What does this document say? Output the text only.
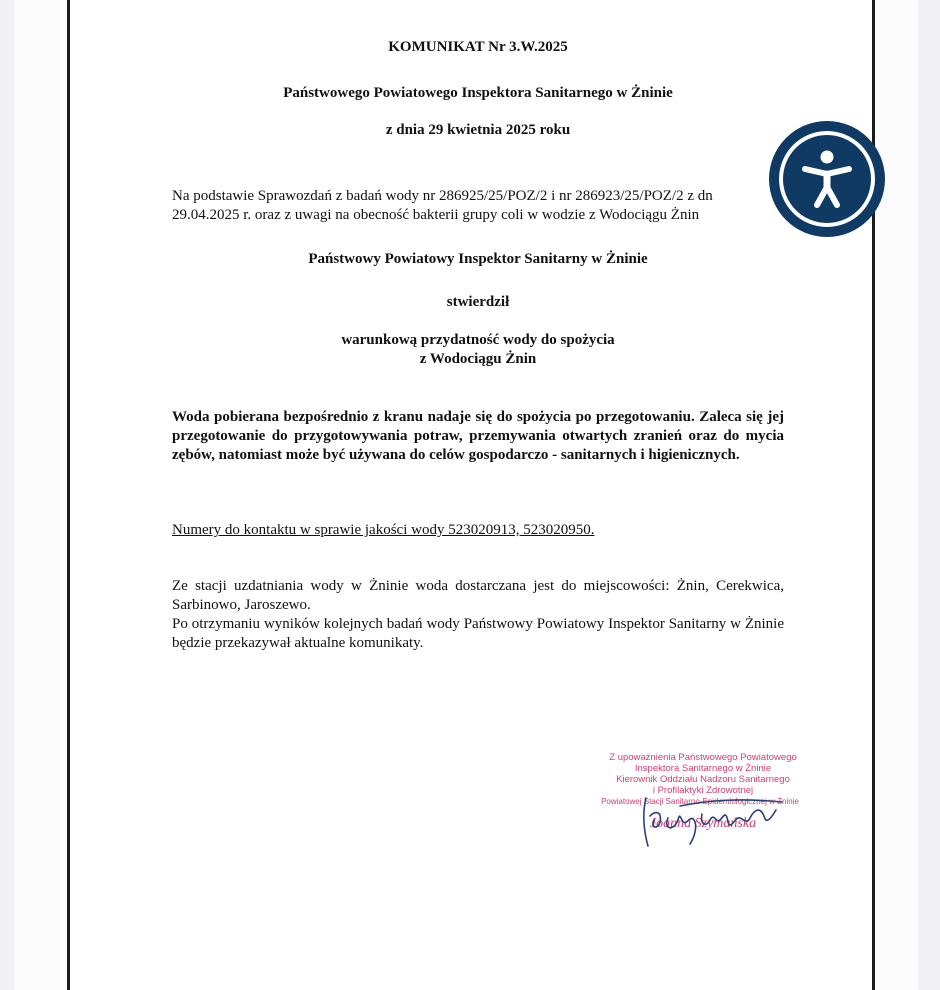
KOMUNIKAT Nr 3.W.2025
Państwowego Powiatowego Inspektora Sanitarnego w Żninie
z dnia 29 kwietnia 2025 roku
Na podstawie Sprawozdań z badań wody nr 286925/25/POZ/2 i nr 286923/25/POZ/2 z dn
29.04.2025 r. oraz z uwagi na obecność bakterii grupy coli w wodzie z Wodociągu Żnin
Państwowy Powiatowy Inspektor Sanitarny w Żninie
stwierdził
warunkową przydatność wody do spożycia
z Wodociągu Żnin
Woda pobierana bezpośrednio z kranu nadaje się do spożycia po przegotowaniu. Zaleca się jej przegotowanie do przygotowywania potraw, przemywania otwartych zranień oraz do mycia zębów, natomiast może być używana do celów gospodarczo - sanitarnych i higienicznych.
Numery do kontaktu w sprawie jakości wody 523020913, 523020950.
Ze stacji uzdatniania wody w Żninie woda dostarczana jest do miejscowości: Żnin, Cerekwica, Sarbinowo, Jaroszewo.
Po otrzymaniu wyników kolejnych badań wody Państwowy Powiatowy Inspektor Sanitarny w Żninie będzie przekazywał aktualne komunikaty.
Z upoważnienia Państwowego Powiatowego
Inspektora Sanitarnego w Żninie
Kierownik Oddziału Nadzoru Sanitarnego
i Profilaktyki Zdrowotnej
Powiatowej Stacji Sanitarno-Epidemiologicznej w Żninie
Joanna Szymańska
